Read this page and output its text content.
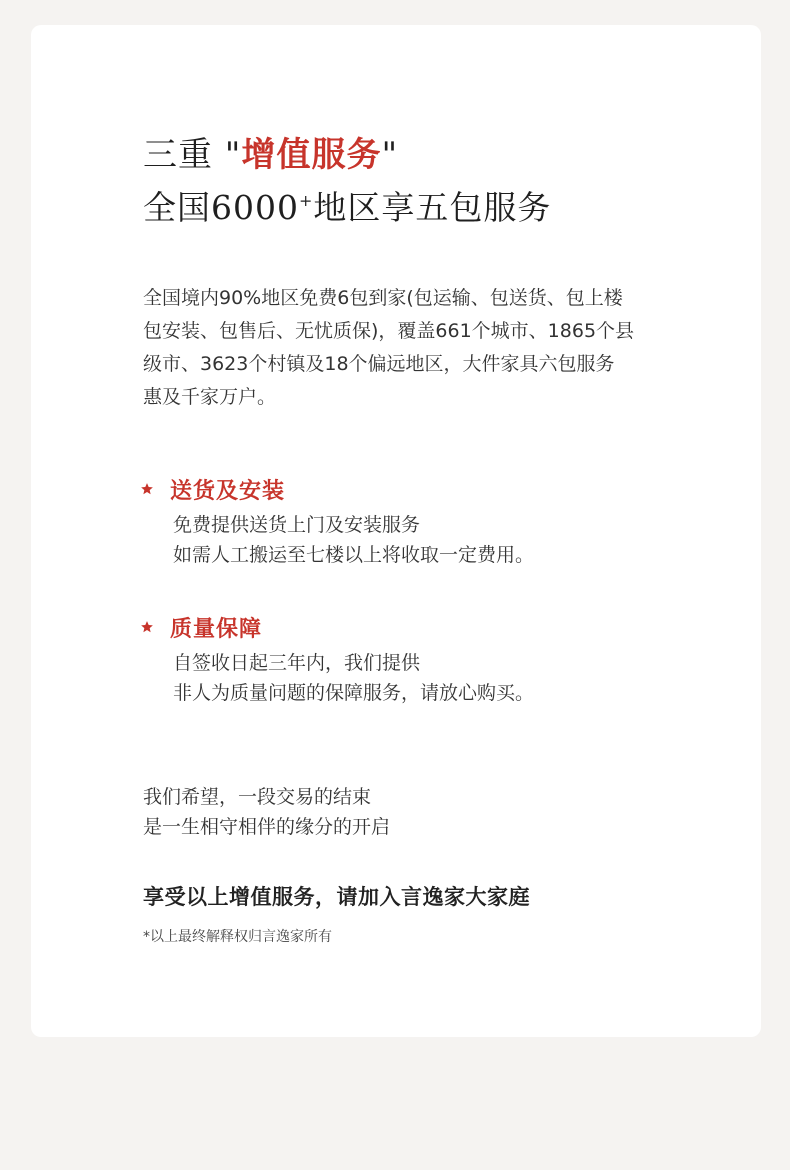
三重 "增值服务"
全国6000+地区享五包服务
全国境内90%地区免费6包到家(包运输、包送货、包上楼
包安装、包售后、无忧质保)，覆盖661个城市、1865个县
级市、3623个村镇及18个偏远地区，大件家具六包服务
惠及千家万户。
送货及安装
免费提供送货上门及安装服务
如需人工搬运至七楼以上将收取一定费用。
质量保障
自签收日起三年内，我们提供
非人为质量问题的保障服务，请放心购买。
我们希望，一段交易的结束
是一生相守相伴的缘分的开启
享受以上增值服务，请加入言逸家大家庭
*以上最终解释权归言逸家所有
